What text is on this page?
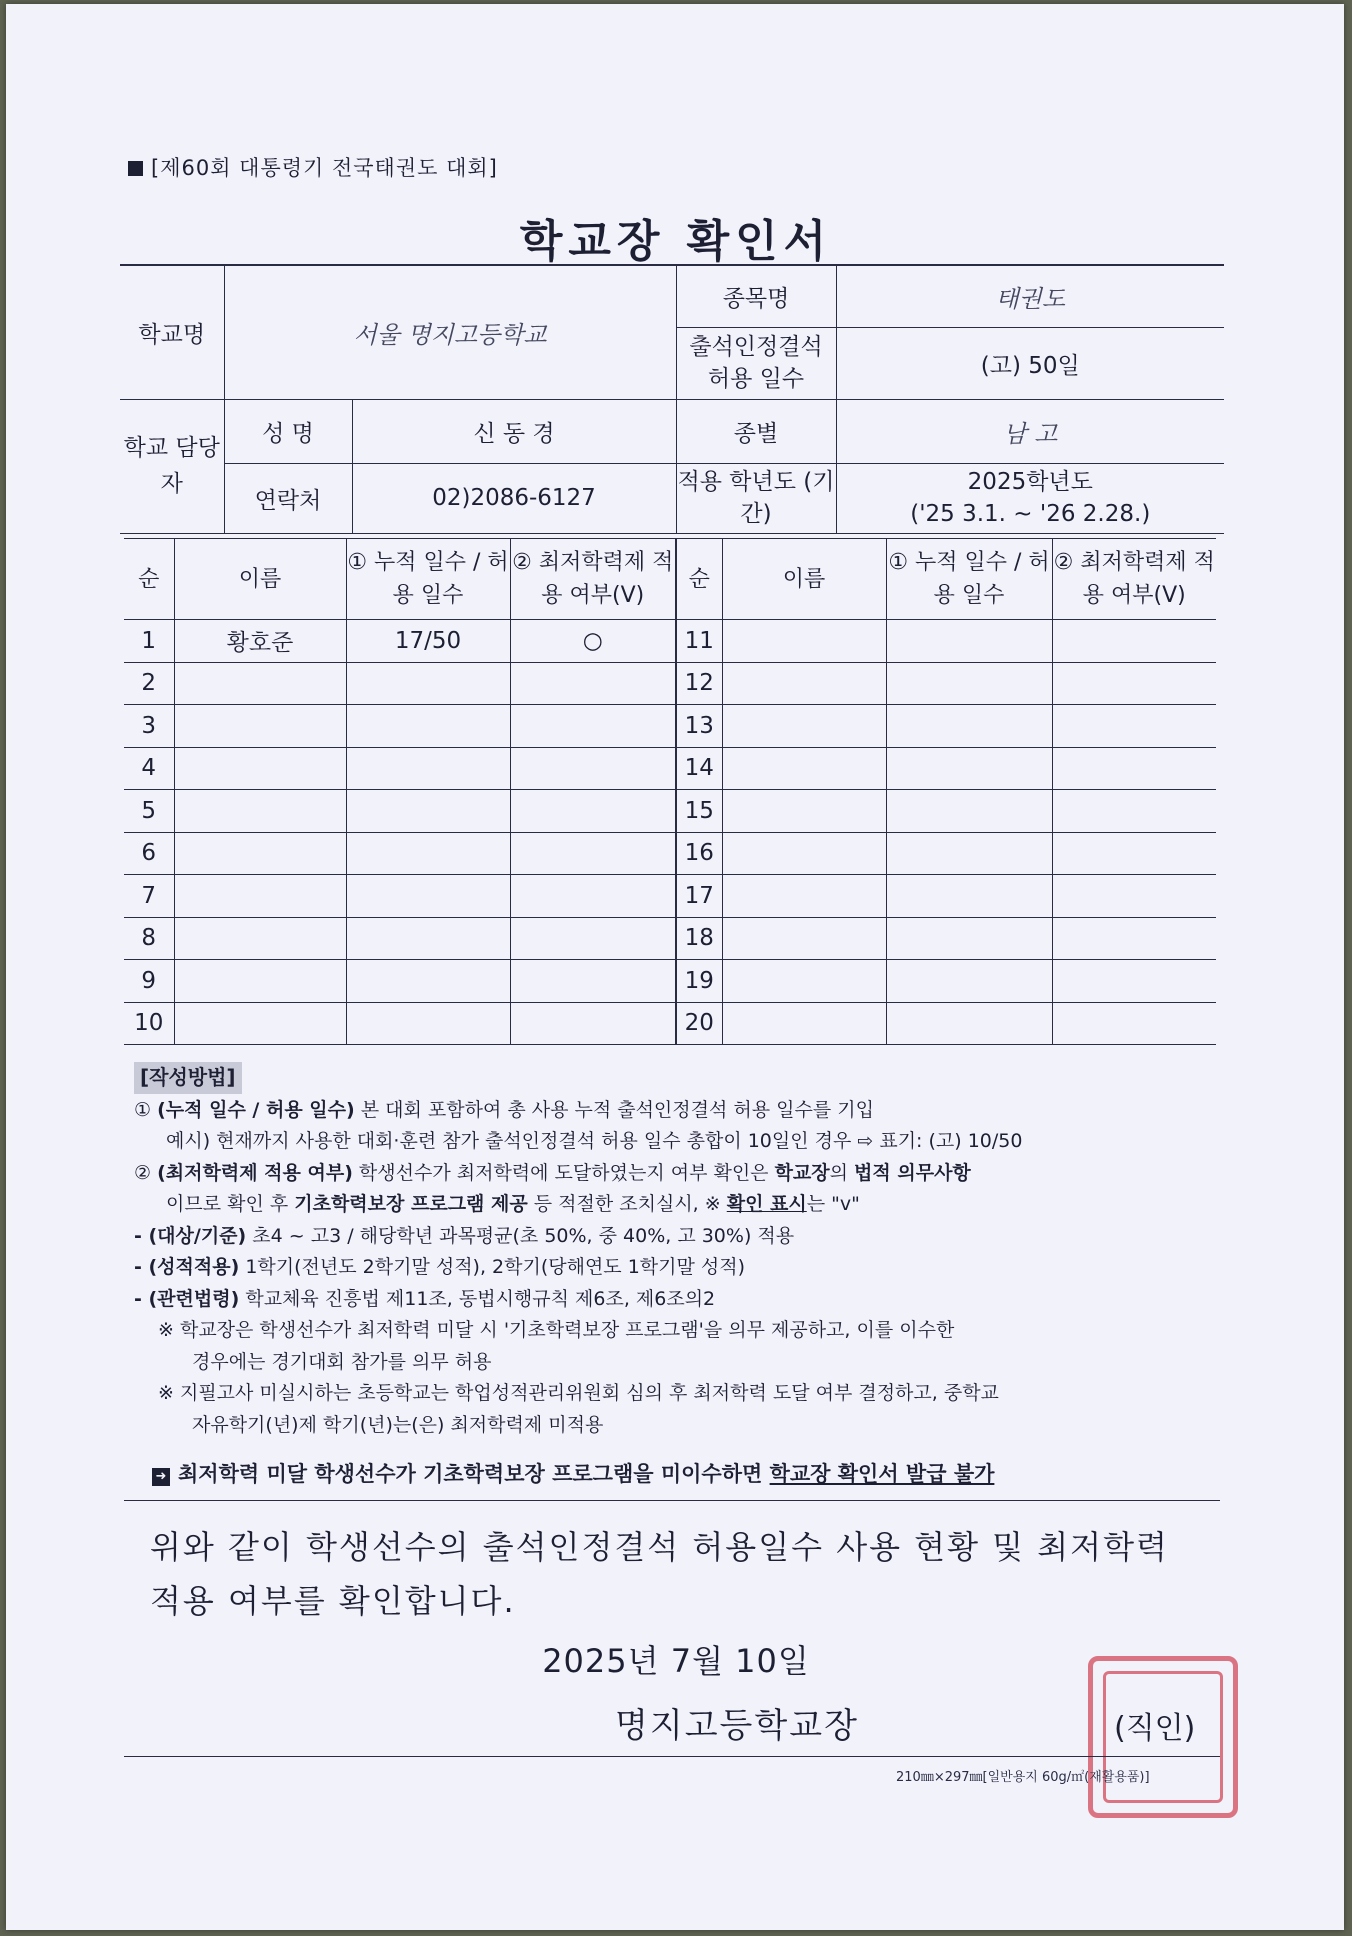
[제60회 대통령기 전국태권도 대회]
학교장 확인서
학교명	서울 명지고등학교		종목명	태권도
			출석인정결석 허용 일수	(고) 50일
학교 담당자	성 명	신 동 경	종별	남 고
	연락처	02)2086-6127	적용 학년도 (기간)	2025학년도
('25 3.1. ~ '26 2.28.)
순	이름	① 누적 일수 / 허용 일수	② 최저학력제 적용 여부(V)	순	이름	① 누적 일수 / 허용 일수	② 최저학력제 적용 여부(V)
1	황호준	17/50	○	11			
2				12			
3				13			
4				14			
5				15			
6				16			
7				17			
8				18			
9				19			
10				20			
[작성방법]
① (누적 일수 / 허용 일수) 본 대회 포함하여 총 사용 누적 출석인정결석 허용 일수를 기입
예시) 현재까지 사용한 대회·훈련 참가 출석인정결석 허용 일수 총합이 10일인 경우 ⇨ 표기: (고) 10/50
② (최저학력제 적용 여부) 학생선수가 최저학력에 도달하였는지 여부 확인은 학교장의 법적 의무사항
이므로 확인 후 기초학력보장 프로그램 제공 등 적절한 조치실시, ※ 확인 표시는 "v"
- (대상/기준) 초4 ~ 고3 / 해당학년 과목평균(초 50%, 중 40%, 고 30%) 적용
- (성적적용) 1학기(전년도 2학기말 성적), 2학기(당해연도 1학기말 성적)
- (관련법령) 학교체육 진흥법 제11조, 동법시행규칙 제6조, 제6조의2
※ 학교장은 학생선수가 최저학력 미달 시 '기초학력보장 프로그램'을 의무 제공하고, 이를 이수한
경우에는 경기대회 참가를 의무 허용
※ 지필고사 미실시하는 초등학교는 학업성적관리위원회 심의 후 최저학력 도달 여부 결정하고, 중학교
자유학기(년)제 학기(년)는(은) 최저학력제 미적용
➜ 최저학력 미달 학생선수가 기초학력보장 프로그램을 미이수하면 학교장 확인서 발급 불가
위와 같이 학생선수의 출석인정결석 허용일수 사용 현황 및 최저학력
적용 여부를 확인합니다.
2025년 7월 10일
명지고등학교장	(직인)
210㎜×297㎜[일반용지 60g/㎡(재활용품)]
